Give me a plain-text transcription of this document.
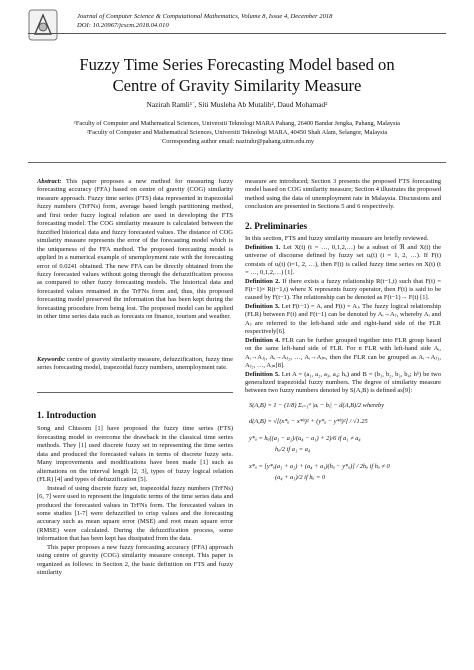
Journal of Computer Science & Computational Mathematics, Volume 8, Issue 4, December 2018
DOI: 10.20967/jcscm.2018.04.010
Fuzzy Time Series Forecasting Model based on
Centre of Gravity Similarity Measure
Nazirah Ramli¹˙, Siti Musleha Ab Mutalib², Daud Mohamad²
¹Faculty of Computer and Mathematical Sciences, Universiti Teknologi MARA Pahang, 26400 Bandar Jengka, Pahang, Malaysia
²Faculty of Computer and Mathematical Sciences, Universiti Teknologi MARA, 40450 Shah Alam, Selangor, Malaysia
˙Corresponding author email: nazirahr@pahang.uitm.edu.my

Abstract: This paper proposes a new method for measuring fuzzy forecasting accuracy (FFA) based on centre of gravity (COG) similarity measure approach. Fuzzy time series (FTS) data represented in trapezoidal fuzzy numbers (TrFNs) form, average based length partitioning method, and first order fuzzy logical relation are used in developing the FTS forecasting model. The COG similarity measure is calculated between the fuzzified historical data and fuzzy forecasted values. The distance of COG similarity measure represents the error of the forecasting model which is the uniqueness of the FFA method. The proposed forecasting model is applied in a numerical example of unemployment rate with the forecasting error of 0.0241 obtained. The new FFA can be directly obtained from the fuzzy forecasted values without going through the defuzzification process as compared to other fuzzy forecasting models. The historical data and forecasted values remained in the TrFNs form and, thus, this proposed forecasting model preserved the information that has been kept during the forecasting procedure from being lost. The proposed model can be applied in other time series data such as forecasts on finance, tourism and weather.

Keywords: centre of gravity similarity measure, defuzzification, fuzzy time series forecasting model, trapezoidal fuzzy numbers, unemployment rate.

1. Introduction

Song and Chissom [1] have proposed the fuzzy time series (FTS) forecasting model to overcome the drawback in the classical time series methods. They [1] used discrete fuzzy set in representing the time series data and produced the forecasted values in terms of discrete fuzzy sets. Many improvements and modifications have been made [1] such as alternations on the interval length [2, 3], types of fuzzy logical relation (FLR) [4] and types of defuzzification [5].

Instead of using discrete fuzzy set, trapezoidal fuzzy numbers (TrFNs) [6, 7] were used to represent the linguistic terms of the time series data and produced the forecasted values in TrFNs form. The forecasted values in some studies [1-7] were defuzzified to crisp values and the forecasting accuracy such as mean square error (MSE) and root mean square error (RMSE) were calculated. During the defuzzification process, some information that has been kept has dissipated from the data.

This paper proposes a new fuzzy forecasting accuracy (FFA) approach using centre of gravity (COG) similarity measure concept. This paper is organized as follows: in Section 2, the basic definition on FTS and fuzzy similarity

measure are introduced; Section 3 presents the proposed FTS forecasting model based on COG similarity measure; Section 4 illustrates the proposed method using the data of unemployment rate in Malaysia. Discussions and conclusion are presented in Sections 5 and 6 respectively.

2. Preliminaries

In this section, FTS and fuzzy similarity measure are briefly reviewed.

Definition 1. Let X(t) (t = …, 0,1,2,…) be a subset of ℜ and X(t) the universe of discourse defined by fuzzy set uᵢ(t) (i = 1, 2, …). If F(t) consists of uᵢ(t) (i=1, 2, …), then F(t) is called fuzzy time series on X(t) (t = …, 0,1,2,…) [1].

Definition 2. If there exists a fuzzy relationship R(t−1,t) such that F(t) = F(t−1)× R(t−1,t) where X represents fuzzy operator, then F(t) is said to be caused by F(t−1). The relationship can be denoted as F(t−1)→ F(t) [1].

Definition 3. Let F(t−1) = Aᵢ and F(t) = Aⱼ. The fuzzy logical relationship (FLR) between F(t) and F(t−1) can be denoted by Aᵢ→Aⱼ, whereby Aᵢ and Aⱼ are referred to the left-hand side and right-hand side of the FLR respectively[6].

Definition 4. FLR can be further grouped together into FLR group based on the same left-hand side of FLR. For n FLR with left-hand side Aᵢ, Aᵢ→Aⱼ₁, Aᵢ→Aⱼ₂, …, Aᵢ→Aⱼₙ, then the FLR can be grouped as Aᵢ→Aⱼ₁, Aⱼ₂, …, Aⱼₙ[8].

Definition 5. Let A = (a₁, a₂, a₃, a₄; hₐ) and B = (b₁, b₂, b₃, b₄; hᵇ) be two generalized trapezoidal fuzzy numbers. The degree of similarity measure between two fuzzy numbers denoted by S(A,B) is defined as[9]:

S(A,B) = 1 − (1/8) Σᵢ₌₁⁴ |aᵢ − bᵢ| − d(A,B)/2 whereby
d(A,B) = √[(x*ₐ − x*ᵇ)² + (y*ₐ − y*ᵇ)²] / √1.25
y*ₐ = hₐ((a₃ − a₂)/(a₄ − a₁) + 2)/6 if a₁ ≠ a₄
hₐ/2 if a₁ = a₄
x*ₐ = [y*ₐ(a₃ + a₂) + (a₄ + a₁)(hₐ − y*ₐ)] / 2hₐ if hₐ ≠ 0
(a₄ + a₁)/2 if hₐ = 0
